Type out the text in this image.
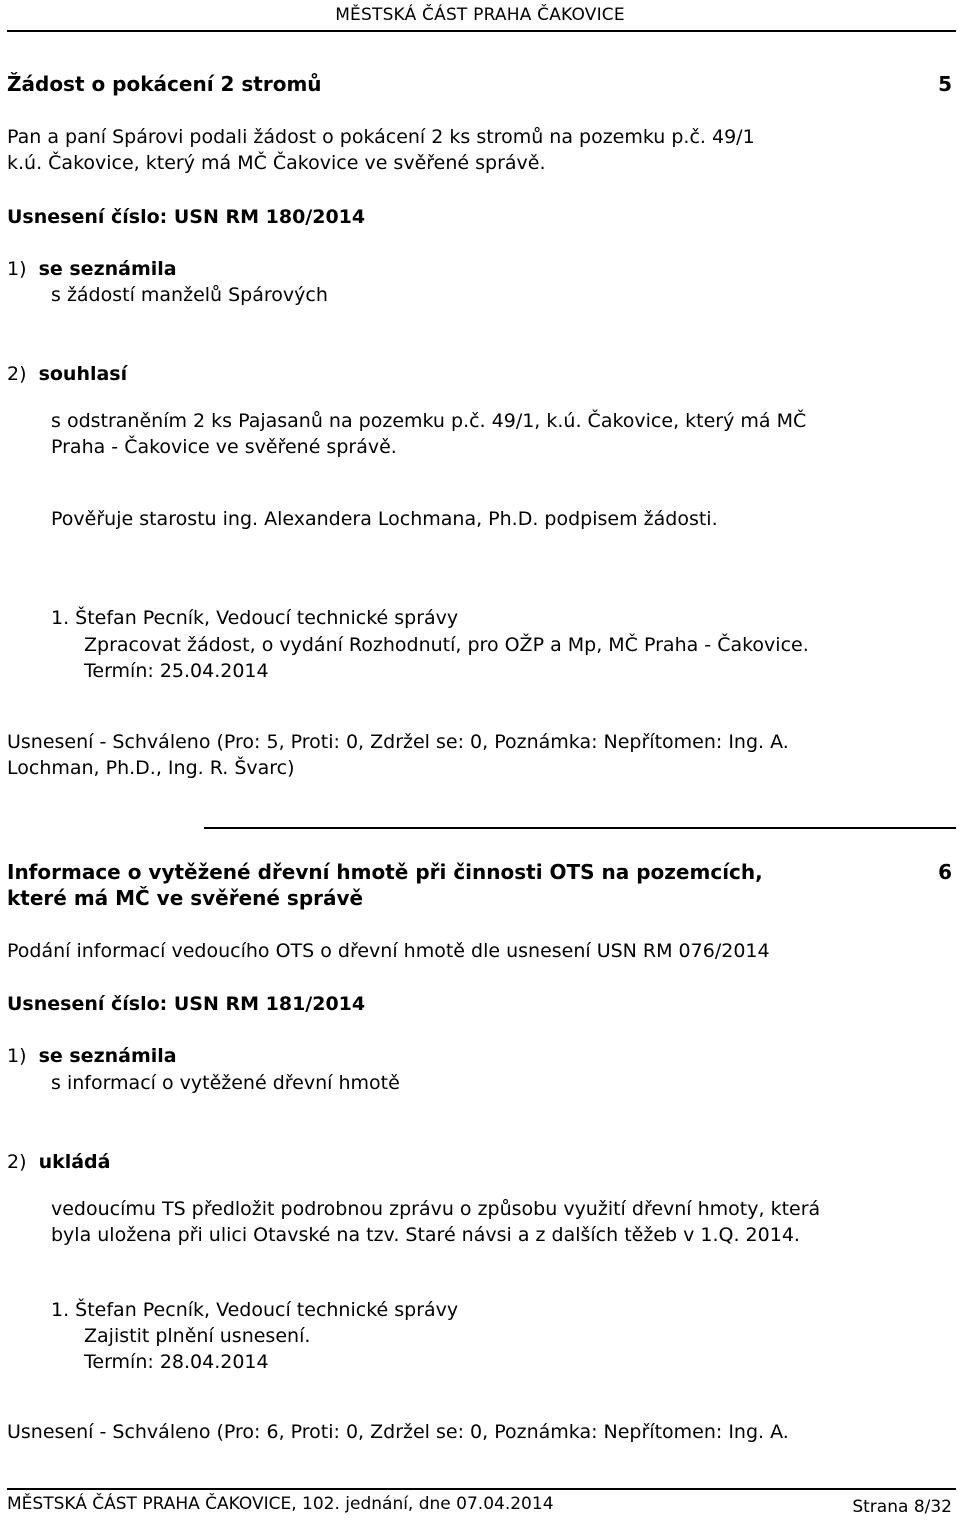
MĚSTSKÁ ČÁST PRAHA ČAKOVICE
Žádost o pokácení 2 stromů	5
Pan a paní Spárovi podali žádost o pokácení 2 ks stromů na pozemku p.č. 49/1
k.ú. Čakovice, který má MČ Čakovice ve svěřené správě.
Usnesení číslo: USN RM 180/2014
1) se seznámila
s žádostí manželů Spárových
2) souhlasí
s odstraněním 2 ks Pajasanů na pozemku p.č. 49/1, k.ú. Čakovice, který má MČ
Praha - Čakovice ve svěřené správě.
Pověřuje starostu ing. Alexandera Lochmana, Ph.D. podpisem žádosti.
1. Štefan Pecník, Vedoucí technické správy
Zpracovat žádost, o vydání Rozhodnutí, pro OŽP a Mp, MČ Praha - Čakovice.
Termín: 25.04.2014
Usnesení - Schváleno (Pro: 5, Proti: 0, Zdržel se: 0, Poznámka: Nepřítomen: Ing. A.
Lochman, Ph.D., Ing. R. Švarc)
Informace o vytěžené dřevní hmotě při činnosti OTS na pozemcích,
které má MČ ve svěřené správě
6
Podání informací vedoucího OTS o dřevní hmotě dle usnesení USN RM 076/2014
Usnesení číslo: USN RM 181/2014
1) se seznámila
s informací o vytěžené dřevní hmotě
2) ukládá
vedoucímu TS předložit podrobnou zprávu o způsobu využití dřevní hmoty, která
byla uložena při ulici Otavské na tzv. Staré návsi a z dalších těžeb v 1.Q. 2014.
1. Štefan Pecník, Vedoucí technické správy
Zajistit plnění usnesení.
Termín: 28.04.2014
Usnesení - Schváleno (Pro: 6, Proti: 0, Zdržel se: 0, Poznámka: Nepřítomen: Ing. A.
MĚSTSKÁ ČÁST PRAHA ČAKOVICE, 102. jednání, dne 07.04.2014	Strana 8/32
